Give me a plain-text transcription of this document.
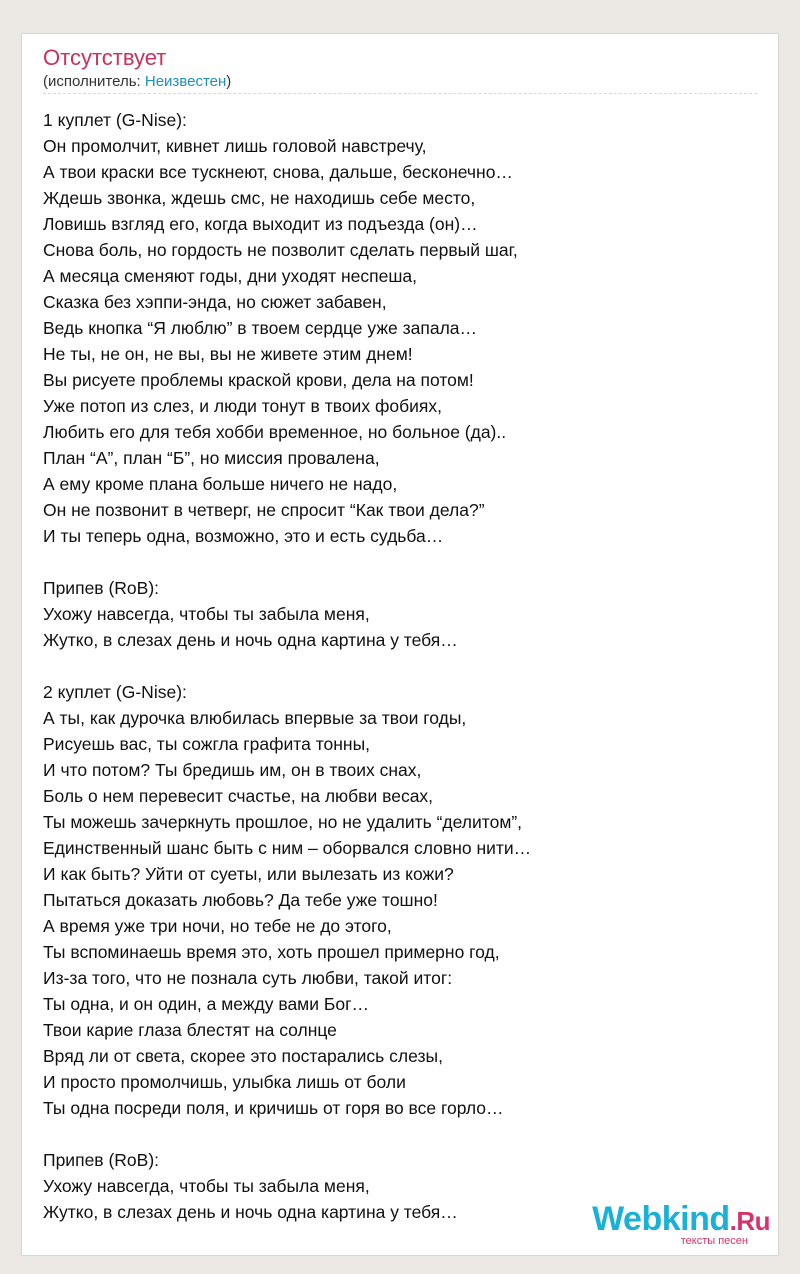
Отсутствует
(исполнитель: Неизвестен)
1 куплет (G-Nise):
Он промолчит, кивнет лишь головой навстречу,
А твои краски все тускнеют, снова, дальше, бесконечно…
Ждешь звонка, ждешь смс, не находишь себе место,
Ловишь взгляд его, когда выходит из подъезда (он)…
Снова боль, но гордость не позволит сделать первый шаг,
А месяца сменяют годы, дни уходят неспеша,
Сказка без хэппи-энда, но сюжет забавен,
Ведь кнопка “Я люблю” в твоем сердце уже запала…
Не ты, не он, не вы, вы не живете этим днем!
Вы рисуете проблемы краской крови, дела на потом!
Уже потоп из слез, и люди тонут в твоих фобиях,
Любить его для тебя хобби временное, но больное (да)..
План “А”, план “Б”, но миссия провалена,
А ему кроме плана больше ничего не надо,
Он не позвонит в четверг, не спросит “Как твои дела?”
И ты теперь одна, возможно, это и есть судьба…
Припев (RoB):
Ухожу навсегда, чтобы ты забыла меня,
Жутко, в слезах день и ночь одна картина у тебя…
2 куплет (G-Nise):
А ты, как дурочка влюбилась впервые за твои годы,
Рисуешь вас, ты сожгла графита тонны,
И что потом? Ты бредишь им, он в твоих снах,
Боль о нем перевесит счастье, на любви весах,
Ты можешь зачеркнуть прошлое, но не удалить “делитом”,
Единственный шанс быть с ним – оборвался словно нити…
И как быть? Уйти от суеты, или вылезать из кожи?
Пытаться доказать любовь? Да тебе уже тошно!
А время уже три ночи, но тебе не до этого,
Ты вспоминаешь время это, хоть прошел примерно год,
Из-за того, что не познала суть любви, такой итог:
Ты одна, и он один, а между вами Бог…
Твои карие глаза блестят на солнце
Вряд ли от света, скорее это постарались слезы,
И просто промолчишь, улыбка лишь от боли
Ты одна посреди поля, и кричишь от горя во все горло…
Припев (RoB):
Ухожу навсегда, чтобы ты забыла меня,
Жутко, в слезах день и ночь одна картина у тебя…	Webkind.Ru
тексты песен
